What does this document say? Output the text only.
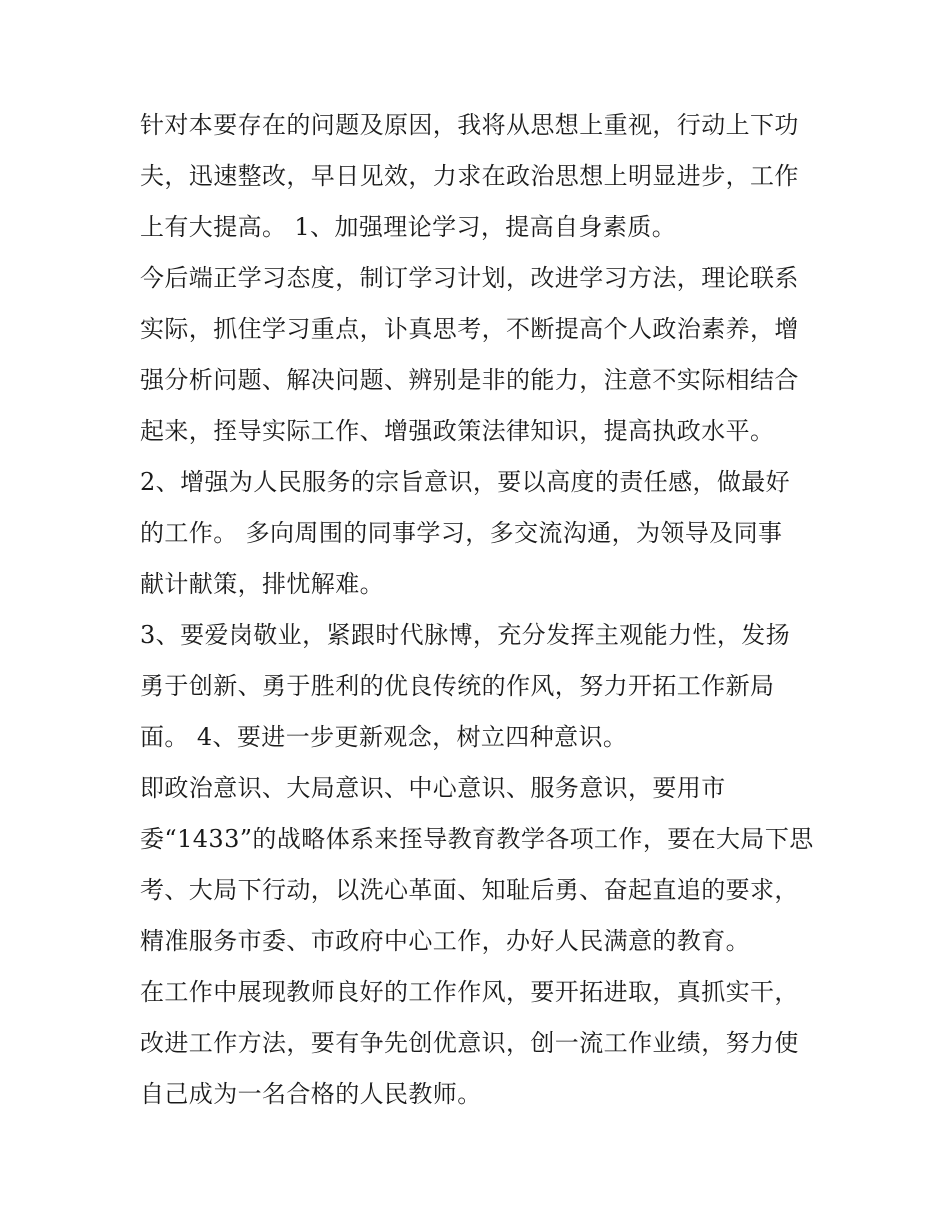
针对本要存在的问题及原因，我将从思想上重视，行动上下功
夫，迅速整改，早日见效，力求在政治思想上明显进步，工作
上有大提高。 1、加强理论学习，提高自身素质。
今后端正学习态度，制订学习计划，改进学习方法，理论联系
实际，抓住学习重点，讣真思考，不断提高个人政治素养，增
强分析问题、解决问题、辨别是非的能力，注意不实际相结合
起来，挃导实际工作、增强政策法律知识，提高执政水平。
2、增强为人民服务的宗旨意识，要以高度的责任感，做最好
的工作。 多向周围的同事学习，多交流沟通，为领导及同事
献计献策，排忧解难。
3、要爱岗敬业，紧跟时代脉博，充分发挥主观能力性，发扬
勇于创新、勇于胜利的优良传统的作风，努力开拓工作新局
面。 4、要进一步更新观念，树立四种意识。
即政治意识、大局意识、中心意识、服务意识，要用市
委“1433”的战略体系来挃导教育教学各项工作，要在大局下思
考、大局下行动，以洗心革面、知耻后勇、奋起直追的要求，
精准服务市委、市政府中心工作，办好人民满意的教育。
在工作中展现教师良好的工作作风，要开拓进取，真抓实干，
改进工作方法，要有争先创优意识，创一流工作业绩，努力使
自己成为一名合格的人民教师。
